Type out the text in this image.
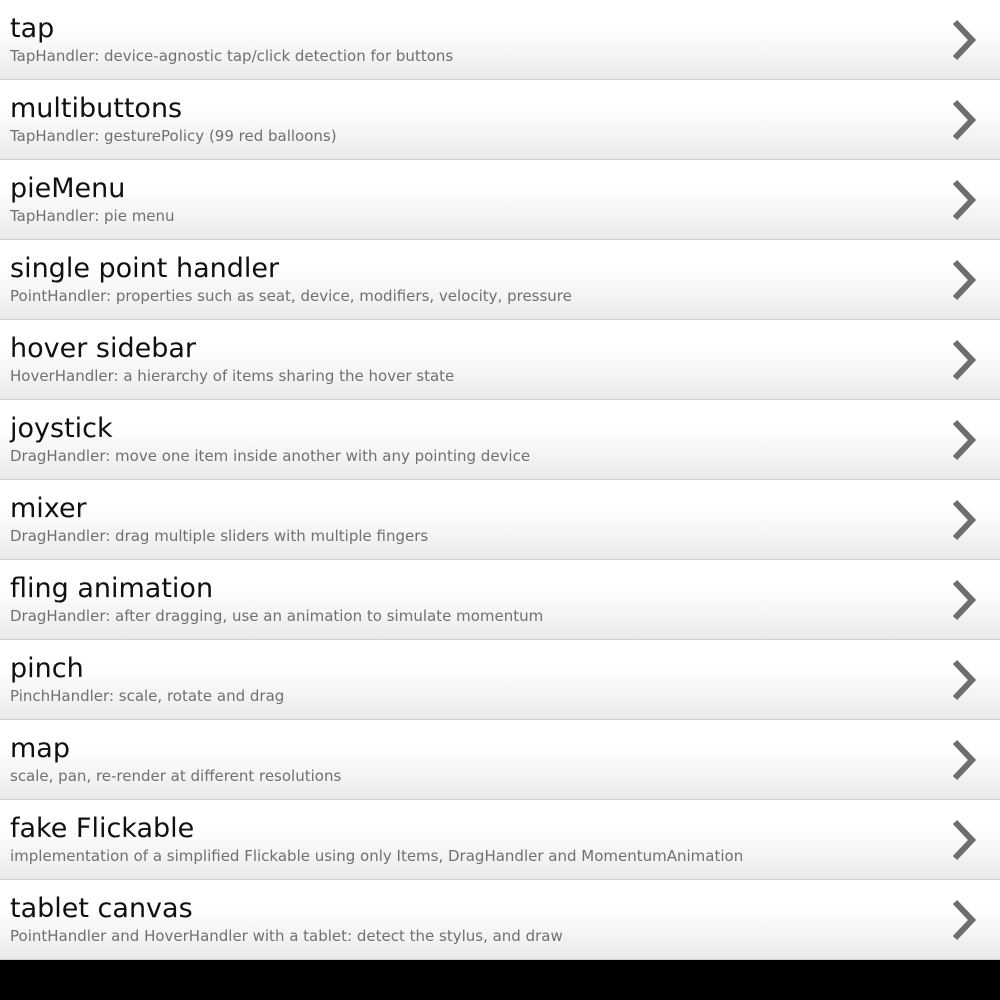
tap
TapHandler: device-agnostic tap/click detection for buttons
multibuttons
TapHandler: gesturePolicy (99 red balloons)
pieMenu
TapHandler: pie menu
single point handler
PointHandler: properties such as seat, device, modifiers, velocity, pressure
hover sidebar
HoverHandler: a hierarchy of items sharing the hover state
joystick
DragHandler: move one item inside another with any pointing device
mixer
DragHandler: drag multiple sliders with multiple fingers
fling animation
DragHandler: after dragging, use an animation to simulate momentum
pinch
PinchHandler: scale, rotate and drag
map
scale, pan, re-render at different resolutions
fake Flickable
implementation of a simplified Flickable using only Items, DragHandler and MomentumAnimation
tablet canvas
PointHandler and HoverHandler with a tablet: detect the stylus, and draw
